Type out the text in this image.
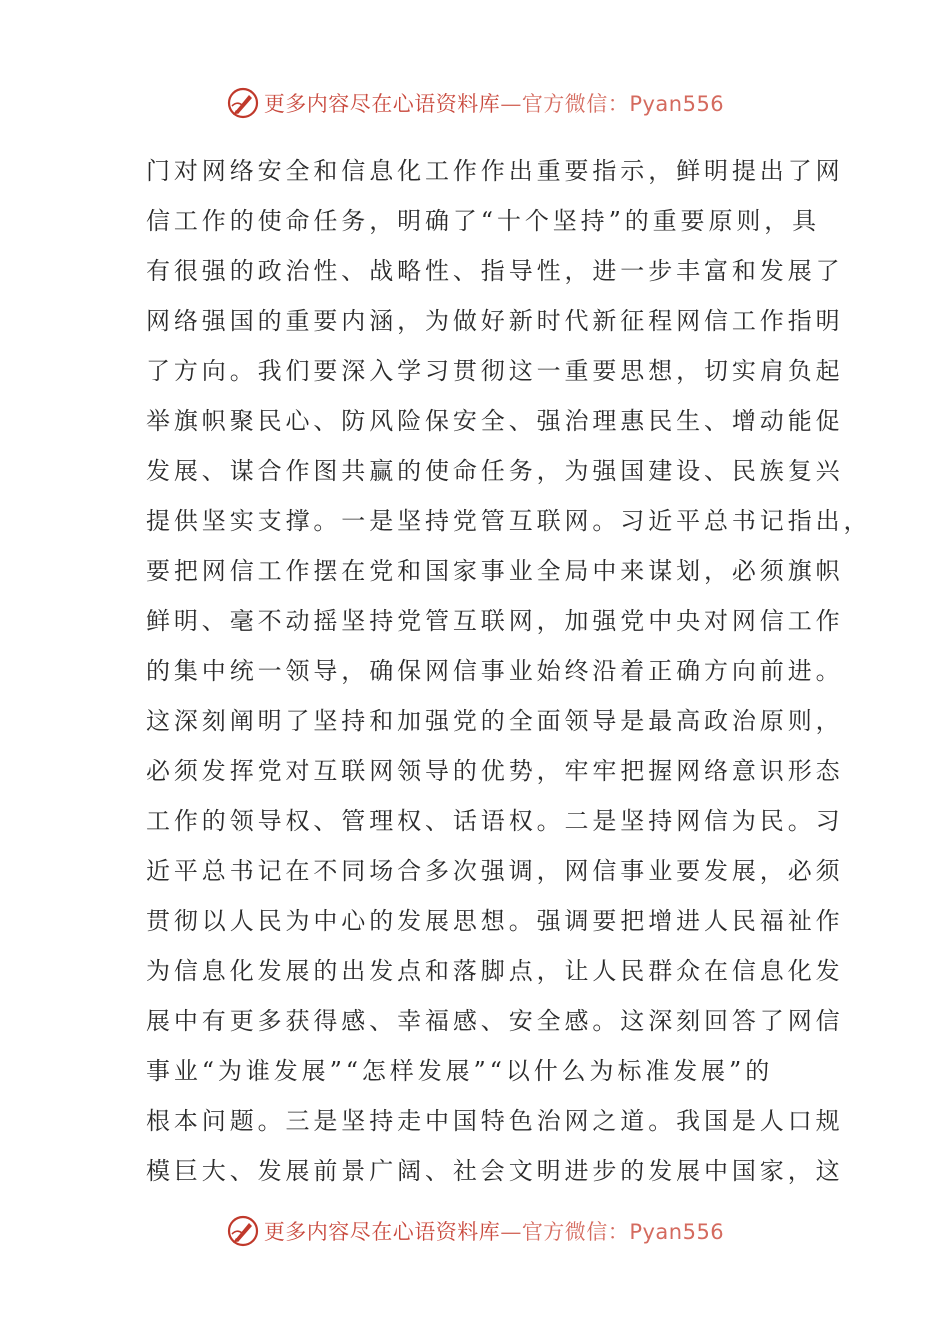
更多内容尽在心语资料库—官方微信：Pyan556
门对网络安全和信息化工作作出重要指示，鲜明提出了网
信工作的使命任务，明确了“十个坚持”的重要原则，具
有很强的政治性、战略性、指导性，进一步丰富和发展了
网络强国的重要内涵，为做好新时代新征程网信工作指明
了方向。我们要深入学习贯彻这一重要思想，切实肩负起
举旗帜聚民心、防风险保安全、强治理惠民生、增动能促
发展、谋合作图共赢的使命任务，为强国建设、民族复兴
提供坚实支撑。一是坚持党管互联网。习近平总书记指出，
要把网信工作摆在党和国家事业全局中来谋划，必须旗帜
鲜明、毫不动摇坚持党管互联网，加强党中央对网信工作
的集中统一领导，确保网信事业始终沿着正确方向前进。
这深刻阐明了坚持和加强党的全面领导是最高政治原则，
必须发挥党对互联网领导的优势，牢牢把握网络意识形态
工作的领导权、管理权、话语权。二是坚持网信为民。习
近平总书记在不同场合多次强调，网信事业要发展，必须
贯彻以人民为中心的发展思想。强调要把增进人民福祉作
为信息化发展的出发点和落脚点，让人民群众在信息化发
展中有更多获得感、幸福感、安全感。这深刻回答了网信
事业“为谁发展”“怎样发展”“以什么为标准发展”的
根本问题。三是坚持走中国特色治网之道。我国是人口规
模巨大、发展前景广阔、社会文明进步的发展中国家，这
更多内容尽在心语资料库—官方微信：Pyan556
